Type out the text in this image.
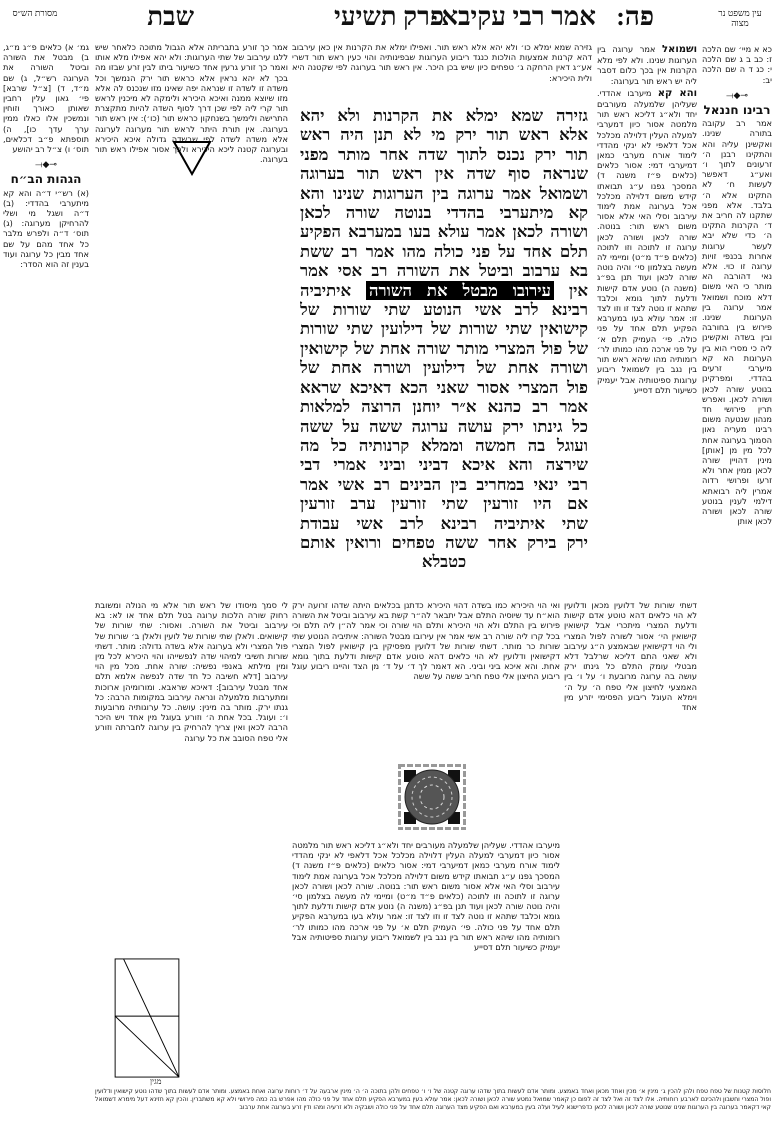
עין משפט נר מצוה
פה:
אמר רבי עקיבא
פרק תשיעי
שבת
מסורת הש״ס

גמ׳ א) כלאים פ״ג מ״ג, ב) מבטל את השורה וביטל השורה את הערוגה רש״ל, ג) שם מ״ד, ד) [צ״ל שרבא] פי׳ גאון עלין רחבין שאותן כאורך וזוחין ונמשכין אלו כאלו ממין ערך עדך כו], ה) תוספתא פ״ב דכלאים, תוס׳ ו) צ״ל רב יהושע

⟜◆⟝
הגהות הב״ח

(א) רש״י ד״ה והא קא מיתערבי בהדדי: (ב) ד״ה ושגל מי ושלי להרחיקן מערוגה: (ג) תוס׳ ד״ה ולפרש מלבר כל אחד מהם על שם אחד מבין כל ערוגה ועוד בענין זה הוא הסדר:

אמר כך זורע בתבריתה אלא הגבול מתוכה כלאחר שיש ללגו עירבוב של שתי הערוגות: ולא יהא אפילו מלא אותו ואמר כך זורע גרעין אחד כשיעור ביתו לבין זרע שבזו מה בכך לא יהא נראין אלא כראש תור ירק הנמשך וכל משדה זו לשדה זו שנראה יפה שאינו מזו שנכנס לה אלא מזו שיוצא ממנה ואיכא היכירא ולימקה לא מיכנין לראש תור קרי ליה לפי שכן דרך לסוף השדה להיות מתקצרת התרישה ולימשך בשנחקון כראש תור (כו׳): אין ראש תור בערוגה. אין תורת היתר לראש תור מערוגה לערוגה אלא משדה לשדה לפי שבשדה גדולה איכא היכירא ובערוגה קטנה ליכא היכירא ולכך אסור אפילו ראש תור בערוגה.

גזירה שמא ימלא כו׳ ולא יהא אלא ראש תור. ואפילו ימלא את הקרנות אין כאן עירבוב דהא קרנות אמצעות הולכות כנגד ריבוע הערוגות שבפינותיה והוי כעין ראש תור דשרי אע״ג דאין הרחקה ג׳ טפחים כיון שיש בכן היכר. אין ראש תור בערוגה לפי שקטנה היא ולית היכירא:

ושמואל אמר ערוגה בין הערוגות שנינו. ולא לפי מלא הקרנות אין בכך כלום דסבר ליה יש ראש תור בערוגה:

והא קא מיערבו אהדדי. שעליהן שלמעלה מעורבים יחד ולא״ג דליכא ראש תור מלמטה אסור כיון דמערבי למעלה העלין דלוילה מכלכל אכל דלאפי לא ינקי מהדדי לימוד אורח מערבי כמאן דמיערבי דמי: אסור כלאים (כלאים פ״ז משנה ד) המסכך גפנו ע״ג תבואתו קידש משום דלוילה מכלכל אכל בערוגה אמת לימוד עירבוב וסלי האי אלא אסור משום ראש תור: בנוטה. שורה לכאן ושורה לכאן ערוגה זו לתוכה וזו לתוכה (כלאים פ״ד מ״ט) ומיימי לה מעשה בצלמון סי׳ והיה נוטה שורה לכאן ועוד תנן בפ״ג (משנה ה) נוטע אדם קישות ודלעת לתוך גומא וכלבד שתהא זו נוטה לצד זו וזו לצד זו: אמר עולא בעו במערבא הפקיע תלם אחד על פני כולה. פי׳ העמיק תלם א׳ על פני ארכה מהו כמותו לר׳ רומותיה מהו שיהא ראש תור בין נגב בין לשמואל ריבוע ערוגות ספיטותיה אבל יעמיק כשיעור תלם דסייע

גזירה שמא ימלא את הקרנות ולא יהא
אלא ראש תור ירק מי לא תנן היה ראש
תור ירק נכנס לתוך שדה אחר מותר מפני
שנראה סוף שדה אין ראש תור בערוגה
ושמואל אמר ערוגה בין הערוגות שנינו והא
קא מיתערבי בהדדי בנוטה שורה לכאן
ושורה לכאן אמר עולא בעו במערבא הפקיע
תלם אחד על פני כולה מהו אמר רב ששת
בא ערבוב וביטל את השורה רב אסי אמר
אין עירובו מבטל את השורה איתיביה
רבינא לרב אשי הנוטע שתי שורות של
קישואין שתי שורות של דילועין שתי שורות
של פול המצרי מותר שורה אחת של קישואין
ושורה אחת של דילועין ושורה אחת של
פול המצרי אסור שאני הכא דאיכא שראא
אמר רב כהנא א״ר יוחנן הרוצה למלאות
כל גינתו ירק עושה ערוגה ששה על ששה
ועוגל בה חמשה וממלא קרנותיה כל מה
שירצה והא איכא דביני וביני אמרי דבי
רבי ינאי במחריב בין הבינים רב אשי אמר
אם היו זורעין שתי זורעין ערב זורעין
שתי איתיביה רבינא לרב אשי עבודת
ירק בירק אחר ששה טפחים ורואין אותם
כטבלא

כא א מיי׳ שם הלכה ז: כב ב ג שם הלכה י: כג ד ה שם הלכה יב:

⟜◆⟝
רבינו חננאל

אמר רב עקובה בתורה שנינו. ואקשינן עליה והא והתקינו רבנן ה׳ זרעונים לתוך ו׳ ואע״ג דאפשר לעשות ח׳ לא התקינו אלא ה׳ בלבד. אלא מפני שתקנו לה חריב את ד׳ הקרנות התקינו ה׳ כדי שלא יבא לעשר ערוגות אחרות בכנפי זויות ערוגה זו כוי. אלא נאי דהורבה הא מותר כי האי משום דלא מוכח ושמואל אמר ערוגה בין הערוגות שנינו. פירוש בין בחורבה ובין בשדה ואקשינן ליה כי מסרי הוא בין הערוגות הא קא מיערבי זרעים בהדדי. ומפרקינן בנוטע שורה לכאן ושורה לכאן. ואפרש תרין פירושי חד מנהון שנטעה משום רבינו מעריה נאון הסמוך בערוגה אחת לכל מין מן [אותן] מינין דהויין שורה לכאן ממין אחר ולא זרעו ופרושי רדוה אמרין ליה רבואתא דילמי לענין בנוטע שורה לכאן ושורה לכאן אותן

לי סמך מיסודו של ראש תור אלא מי הנולה ומשובת רחוק שורה הלכות ערוגה בטל תלם אחד או לא: בא עירבוב וביטל את השורה. ואסור: שתי שורות של קישואים. ולאלן שתי שורות של לועין ולאלן ב׳ שורות של פול המצרי ולא בערוגה אלא בשדה גדולה: מותר. דשתי שורות חשיבי למיהוי שדה לנפשייהו והוי היכירא לכל מין ומין מילתא באנפי נפשיה: שורה אחת. מכל מין הוי עירבוב [דלא חשיבה כל חד שדה לנפשה אלמא תלם אחד מבטל עירבוב]: דאיכא שראבא. ומורומיהן ארוכות ומתערבות מלמעלה ונראה עירבוב במקומות הרבה: כל גנתו ירק. מותר בה מינין: עושה. כל ערוגותיה מרובעות ו׳: ועוגל. בכל אחת ה׳ וזורע בעוגל מין אחד ויש היכר הרבה לכאן ואין צריך להרחיק בין ערוגה לחברתה וזורע אלי טפח הסובב את כל ערוגה

ואי הוי היכירא כמו בשדה דהוי היכירא כדתנן בכלאים היתה שדהו זרועה ירק הוא״ח עד שיוסיה התלם אבל יתבאר לה״ר קשת בא עירבוב וביטל את השורה פירוש בין התלם ולא הוי היכירא ותלם הוי שורה וכי אמר לה״ן ליה תלם וכי בכל קרו ליה שורה רב אשי אמר אין עירובו מבטל השורה: איתיביה הנוטע שתי שורות כר מותר. דשתי שורות של דלועין מפסיקין בין קישואין לפול המצרי דקישואין ודלועין לא הוי כלאים דהא טוטע אדם קישות ודלעת בתוך גומא אחת. והא איכא ביני וביני. הא דאמר לך ד׳ על ד׳ מן הצד והיינו ריבוע עוגל ריבוע החיצון אלי טפח חריב ששה על ששה

דשתי שורות של דלועין מכאן ודלועין לא הוי כלאים דהא טוטע אדם קישות ודלעת המצרי מיתכרי אבל קישואין קישואין הי׳ אסור לשורה לפול המצרי ולי הוי דקישואין שבאמצע ה״ג עירבוב ולא שאני התם דליכא שרלבל דלא מבטלי עומק התלם כל גינתו ירק עושה בה ערוגה מרובעת ו׳ על ו׳ בין האמצעי לחיצון אלי טפח ה׳ על ה׳ וימלא העוגל ריבוע הפסימי יזרע מין אחד

מיערבו אהדדי. שעליהן שלמעלה מעורבים יחד ולא״ג דליכא ראש תור מלמטה אסור כיון דמערבי למעלה העלין דלוילה מכלכל אכל דלאפי לא ינקי מהדדי לימוד אורח מערבי כמאן דמיערבי דמי: אסור כלאים (כלאים פ״ז משנה ד) המסכך גפנו ע״ג תבואתו קידש משום דלוילה מכלכל אכל בערוגה אמת לימוד עירבוב וסלי האי אלא אסור משום ראש תור: בנוטה. שורה לכאן ושורה לכאן ערוגה זו לתוכה וזו לתוכה (כלאים פ״ד מ״ט) ומיימי לה מעשה בצלמון סי׳ והיה נוטה שורה לכאן ועוד תנן בפ״ג (משנה ה) נוטע אדם קישות ודלעת לתוך גומא וכלבד שתהא זו נוטה לצד זו וזו לצד זו: אמר עולא בעו במערבא הפקיע תלם אחד על פני כולה. פי׳ העמיק תלם א׳ על פני ארכה מהו כמותו לר׳ רומותיה מהו שיהא ראש תור בין נגב בין לשמואל ריבוע ערוגות ספיטותיה אבל יעמיק כשיעור תלם דסייע

מגין
חלוסות קטנות של טפח טפח ולהן להכין ג׳ מינין א׳ מכין ואחד מכאן ואחד באמצע. ומותר אדם לעשות בתוך שדהו ערוגה קטנה של ו׳ ו׳ טפחים ולהן בתוכה ה׳ ה׳ מינין ארבעה על ד׳ רוחות ערוגה ואחת באמצע. ומותר אדם לעשות בתוך שדהו נוטע קישואין ודלועין ופול המצרי וחשבון ולהכינם לארבע רוחותיה. אלו לצד זה ואל לצד זה לפום כן קאמר שמואל נמטע שורה לכאן ושורה לכאן: אמר עולא בעין במערבא הפקיע תלם אחד על פני כולה מהו אפרש בה כמה פירושי ולא קא משתברין. והכין קא חזינא דעל מימרא דשמואל קאי דקאמר בערוגה בין הערוגות שנינו שנוטע שורה לכאן ושורה לכאן כדפרישנא לעיל ועלה בעין במערבא ואם הפקיע מצד הערוגה תלם אחד על פני כולה ושבקיה ולא זרעיה ומהו ודין זרע בערוגה אחת ערבוב
